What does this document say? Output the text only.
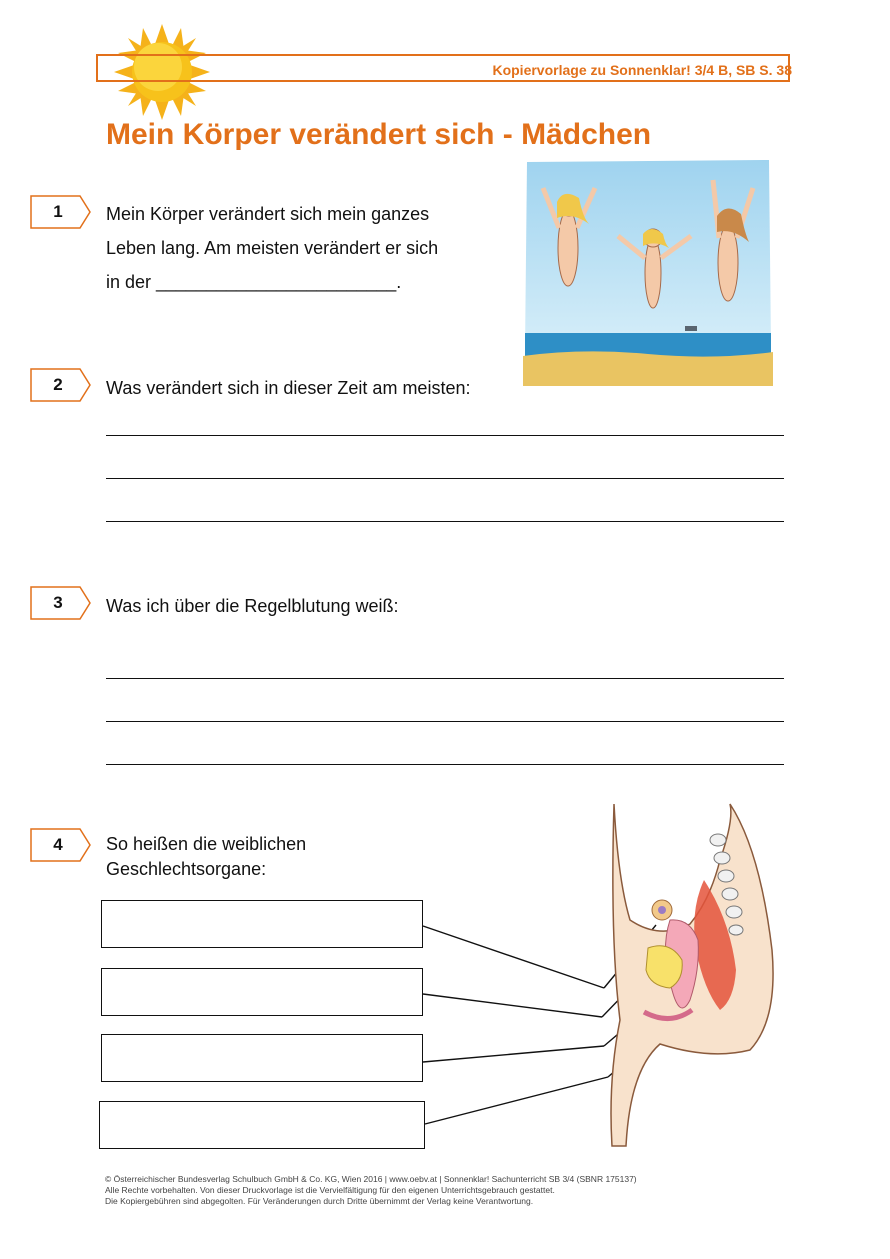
Kopiervorlage zu Sonnenklar! 3/4 B, SB S. 38
Mein Körper verändert sich - Mädchen
1	Mein Körper verändert sich mein ganzes
Leben lang. Am meisten verändert er sich
in der ________________________.
2	Was verändert sich in dieser Zeit am meisten:
3	Was ich über die Regelblutung weiß:
4	So heißen die weiblichen
Geschlechtsorgane:
© Österreichischer Bundesverlag Schulbuch GmbH & Co. KG, Wien 2016 | www.oebv.at | Sonnenklar! Sachunterricht SB 3/4 (SBNR 175137)
Alle Rechte vorbehalten. Von dieser Druckvorlage ist die Vervielfältigung für den eigenen Unterrichtsgebrauch gestattet.
Die Kopiergebühren sind abgegolten. Für Veränderungen durch Dritte übernimmt der Verlag keine Verantwortung.
